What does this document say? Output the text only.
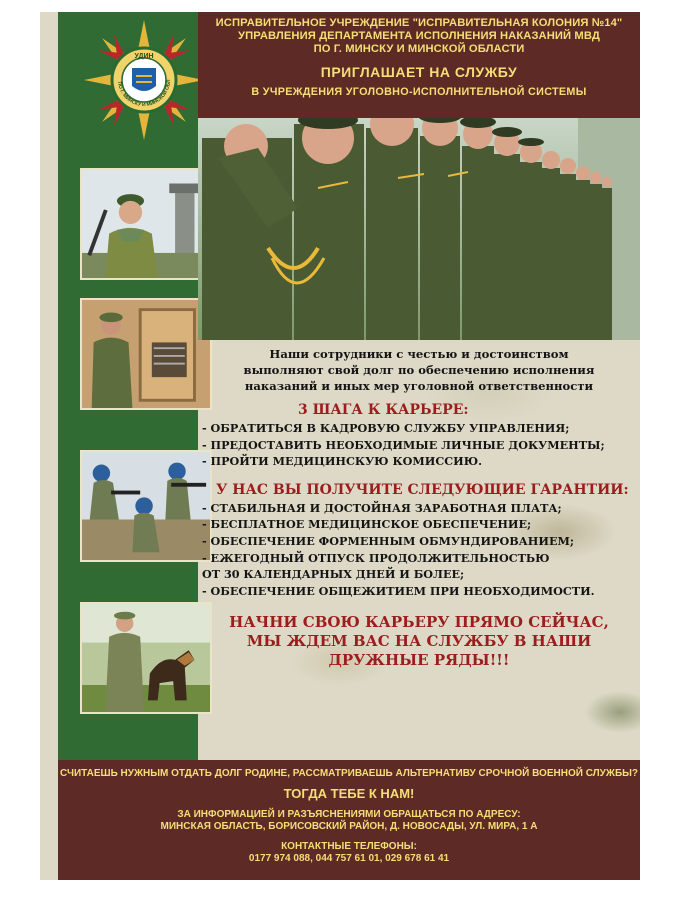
УДИН
ПО Г. МИНСКУ И МИНСКОЙ ОБЛ
ИСПРАВИТЕЛЬНОЕ УЧРЕЖДЕНИЕ "ИСПРАВИТЕЛЬНАЯ КОЛОНИЯ №14"
УПРАВЛЕНИЯ ДЕПАРТАМЕНТА ИСПОЛНЕНИЯ НАКАЗАНИЙ МВД
ПО Г. МИНСКУ И МИНСКОЙ ОБЛАСТИ
ПРИГЛАШАЕТ НА СЛУЖБУ
В УЧРЕЖДЕНИЯ УГОЛОВНО-ИСПОЛНИТЕЛЬНОЙ СИСТЕМЫ
Наши сотрудники с честью и достоинством
выполняют свой долг по обеспечению исполнения
наказаний и иных мер уголовной ответственности
3 ШАГА К КАРЬЕРЕ:
- ОБРАТИТЬСЯ В КАДРОВУЮ СЛУЖБУ УПРАВЛЕНИЯ;
- ПРЕДОСТАВИТЬ НЕОБХОДИМЫЕ ЛИЧНЫЕ ДОКУМЕНТЫ;
- ПРОЙТИ МЕДИЦИНСКУЮ КОМИССИЮ.
У НАС ВЫ ПОЛУЧИТЕ СЛЕДУЮЩИЕ ГАРАНТИИ:
- СТАБИЛЬНАЯ И ДОСТОЙНАЯ ЗАРАБОТНАЯ ПЛАТА;
- БЕСПЛАТНОЕ МЕДИЦИНСКОЕ ОБЕСПЕЧЕНИЕ;
- ОБЕСПЕЧЕНИЕ ФОРМЕННЫМ ОБМУНДИРОВАНИЕМ;
- ЕЖЕГОДНЫЙ ОТПУСК ПРОДОЛЖИТЕЛЬНОСТЬЮ
ОТ 30 КАЛЕНДАРНЫХ ДНЕЙ И БОЛЕЕ;
- ОБЕСПЕЧЕНИЕ ОБЩЕЖИТИЕМ ПРИ НЕОБХОДИМОСТИ.
НАЧНИ СВОЮ КАРЬЕРУ ПРЯМО СЕЙЧАС,
МЫ ЖДЕМ ВАС НА СЛУЖБУ В НАШИ
ДРУЖНЫЕ РЯДЫ!!!
СЧИТАЕШЬ НУЖНЫМ ОТДАТЬ ДОЛГ РОДИНЕ, РАССМАТРИВАЕШЬ АЛЬТЕРНАТИВУ СРОЧНОЙ ВОЕННОЙ СЛУЖБЫ?
ТОГДА ТЕБЕ К НАМ!
ЗА ИНФОРМАЦИЕЙ И РАЗЪЯСНЕНИЯМИ ОБРАЩАТЬСЯ ПО АДРЕСУ:
МИНСКАЯ ОБЛАСТЬ, БОРИСОВСКИЙ РАЙОН, Д. НОВОСАДЫ, УЛ. МИРА, 1 А
КОНТАКТНЫЕ ТЕЛЕФОНЫ:
0177 974 088, 044 757 61 01, 029 678 61 41
